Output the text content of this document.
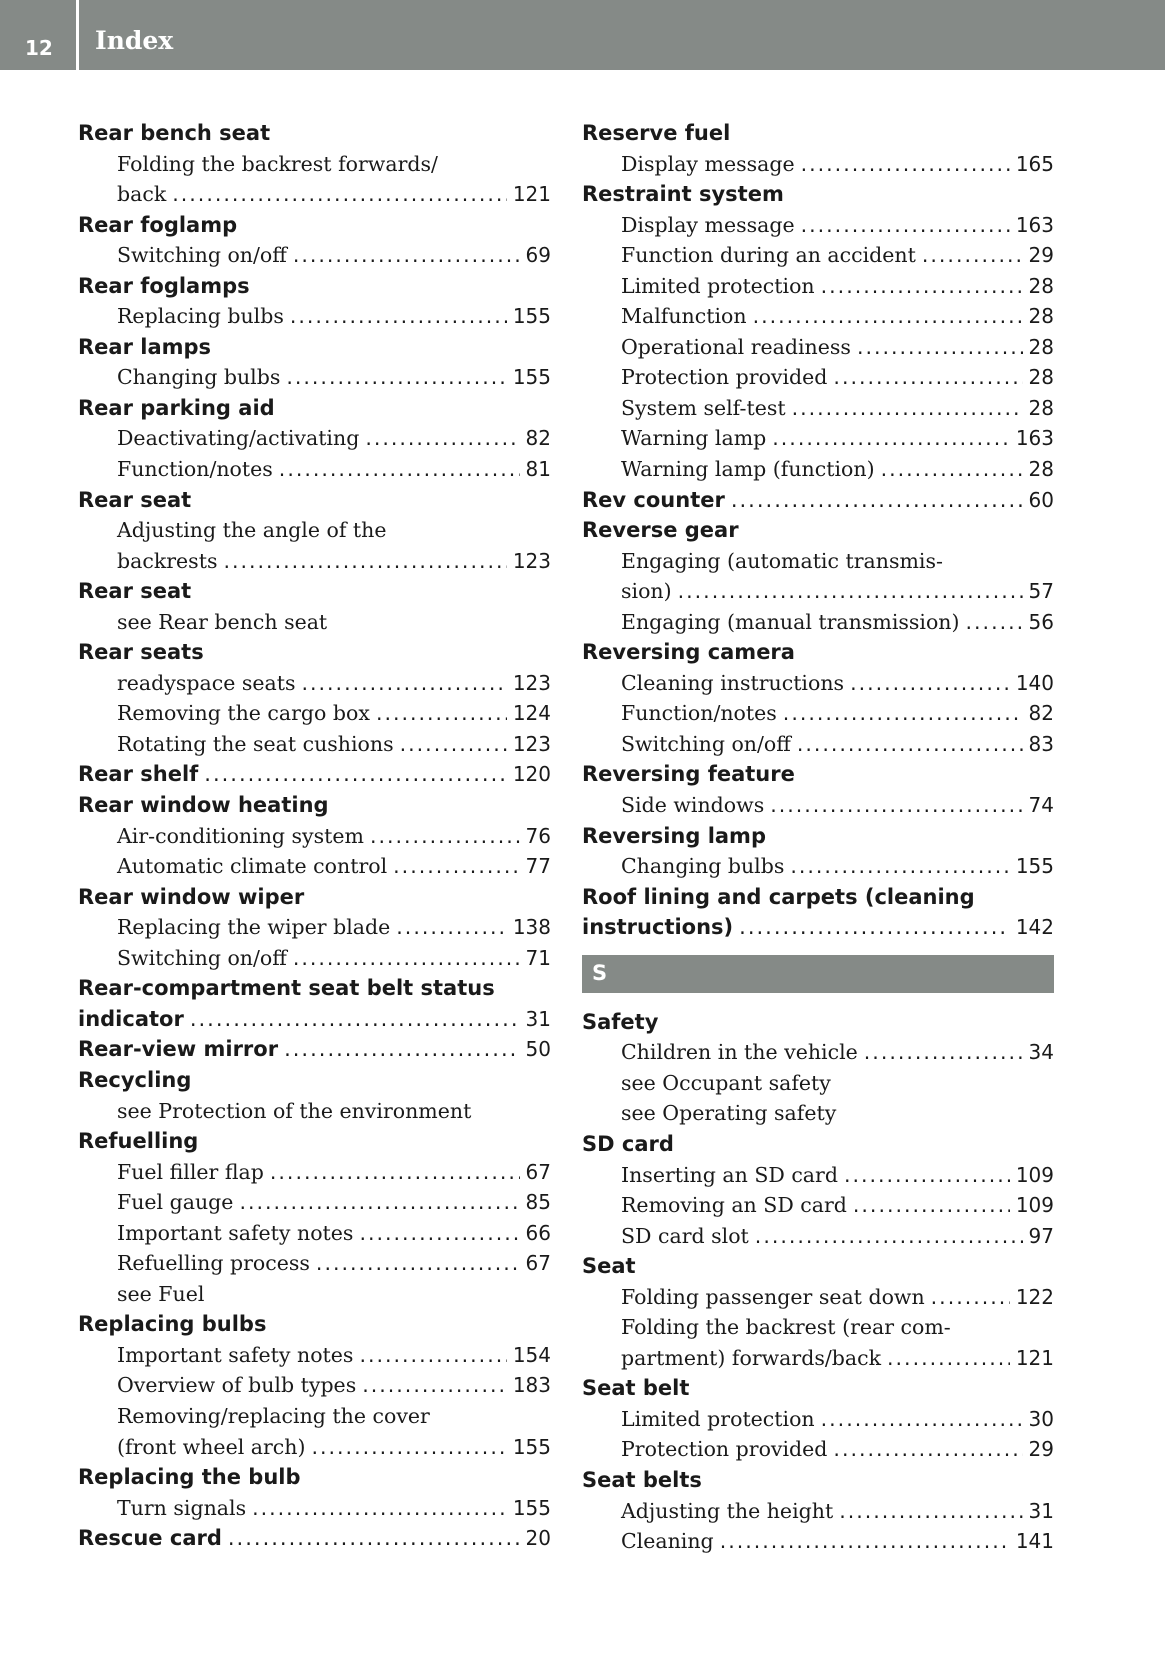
12 Index
Rear bench seat
Folding the backrest forwards/
back .....	121
Rear foglamp
Switching on/off .....	69
Rear foglamps
Replacing bulbs .....	155
Rear lamps
Changing bulbs .....	155
Rear parking aid
Deactivating/activating .....	82
Function/notes .....	81
Rear seat
Adjusting the angle of the
backrests .....	123
Rear seat
see Rear bench seat
Rear seats
readyspace seats .....	123
Removing the cargo box .....	124
Rotating the seat cushions .....	123
Rear shelf .....	120
Rear window heating
Air-conditioning system .....	76
Automatic climate control .....	77
Rear window wiper
Replacing the wiper blade .....	138
Switching on/off .....	71
Rear-compartment seat belt status
indicator .....	31
Rear-view mirror .....	50
Recycling
see Protection of the environment
Refuelling
Fuel filler flap .....	67
Fuel gauge .....	85
Important safety notes .....	66
Refuelling process .....	67
see Fuel
Replacing bulbs
Important safety notes .....	154
Overview of bulb types .....	183
Removing/replacing the cover
(front wheel arch) .....	155
Replacing the bulb
Turn signals .....	155
Rescue card .....	20
Reserve fuel
Display message .....	165
Restraint system
Display message .....	163
Function during an accident .....	29
Limited protection .....	28
Malfunction .....	28
Operational readiness .....	28
Protection provided .....	28
System self-test .....	28
Warning lamp .....	163
Warning lamp (function) .....	28
Rev counter .....	60
Reverse gear
Engaging (automatic transmis-
sion) .....	57
Engaging (manual transmission) .....	56
Reversing camera
Cleaning instructions .....	140
Function/notes .....	82
Switching on/off .....	83
Reversing feature
Side windows .....	74
Reversing lamp
Changing bulbs .....	155
Roof lining and carpets (cleaning
instructions) .....	142
S
Safety
Children in the vehicle .....	34
see Occupant safety
see Operating safety
SD card
Inserting an SD card .....	109
Removing an SD card .....	109
SD card slot .....	97
Seat
Folding passenger seat down .....	122
Folding the backrest (rear com-
partment) forwards/back .....	121
Seat belt
Limited protection .....	30
Protection provided .....	29
Seat belts
Adjusting the height .....	31
Cleaning .....	141
